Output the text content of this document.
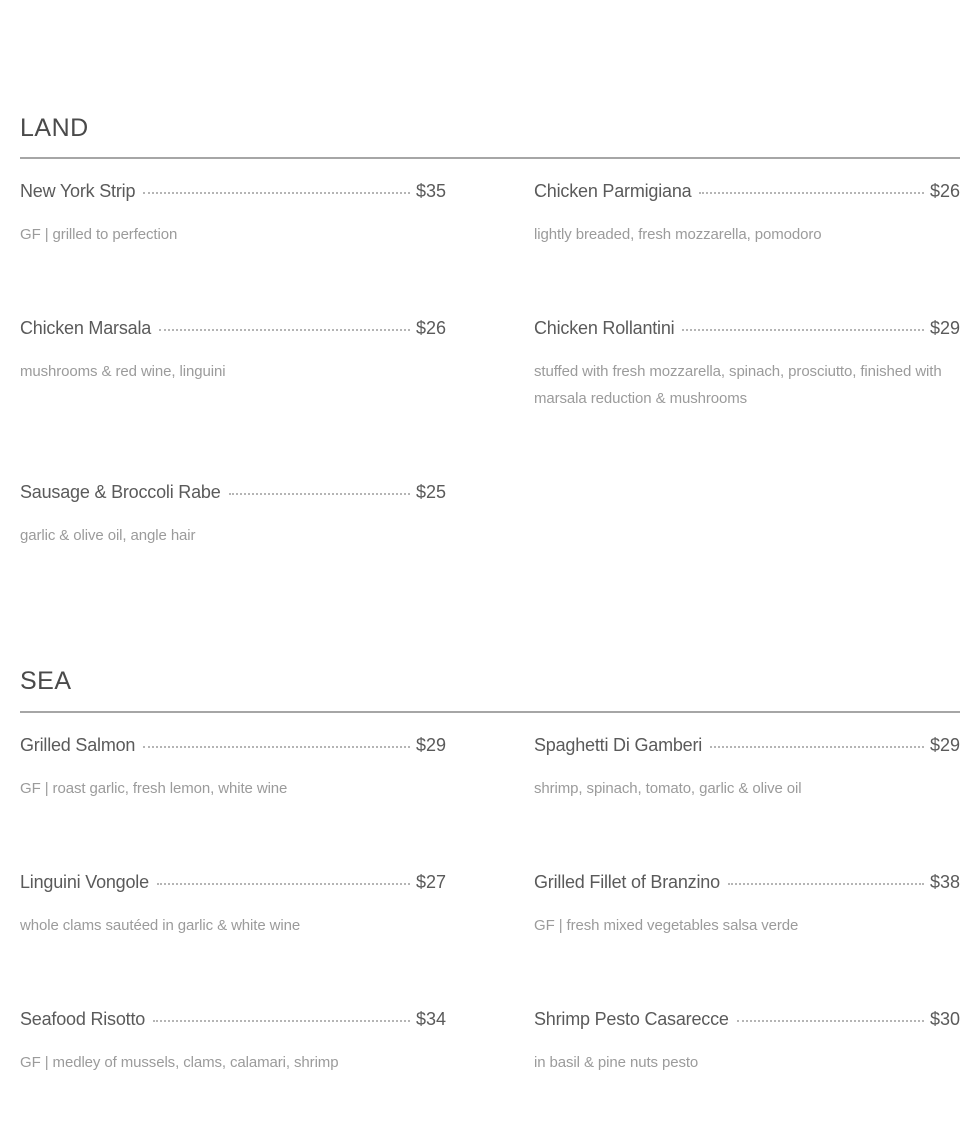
LAND
New York Strip	$35
GF | grilled to perfection
Chicken Parmigiana	$26
lightly breaded, fresh mozzarella, pomodoro
Chicken Marsala	$26
mushrooms & red wine, linguini
Chicken Rollantini	$29
stuffed with fresh mozzarella, spinach, prosciutto, finished with marsala reduction & mushrooms
Sausage & Broccoli Rabe	$25
garlic & olive oil, angle hair
SEA
Grilled Salmon	$29
GF | roast garlic, fresh lemon, white wine
Spaghetti Di Gamberi	$29
shrimp, spinach, tomato, garlic & olive oil
Linguini Vongole	$27
whole clams sautéed in garlic & white wine
Grilled Fillet of Branzino	$38
GF | fresh mixed vegetables salsa verde
Seafood Risotto	$34
GF | medley of mussels, clams, calamari, shrimp
Shrimp Pesto Casarecce	$30
in basil & pine nuts pesto
